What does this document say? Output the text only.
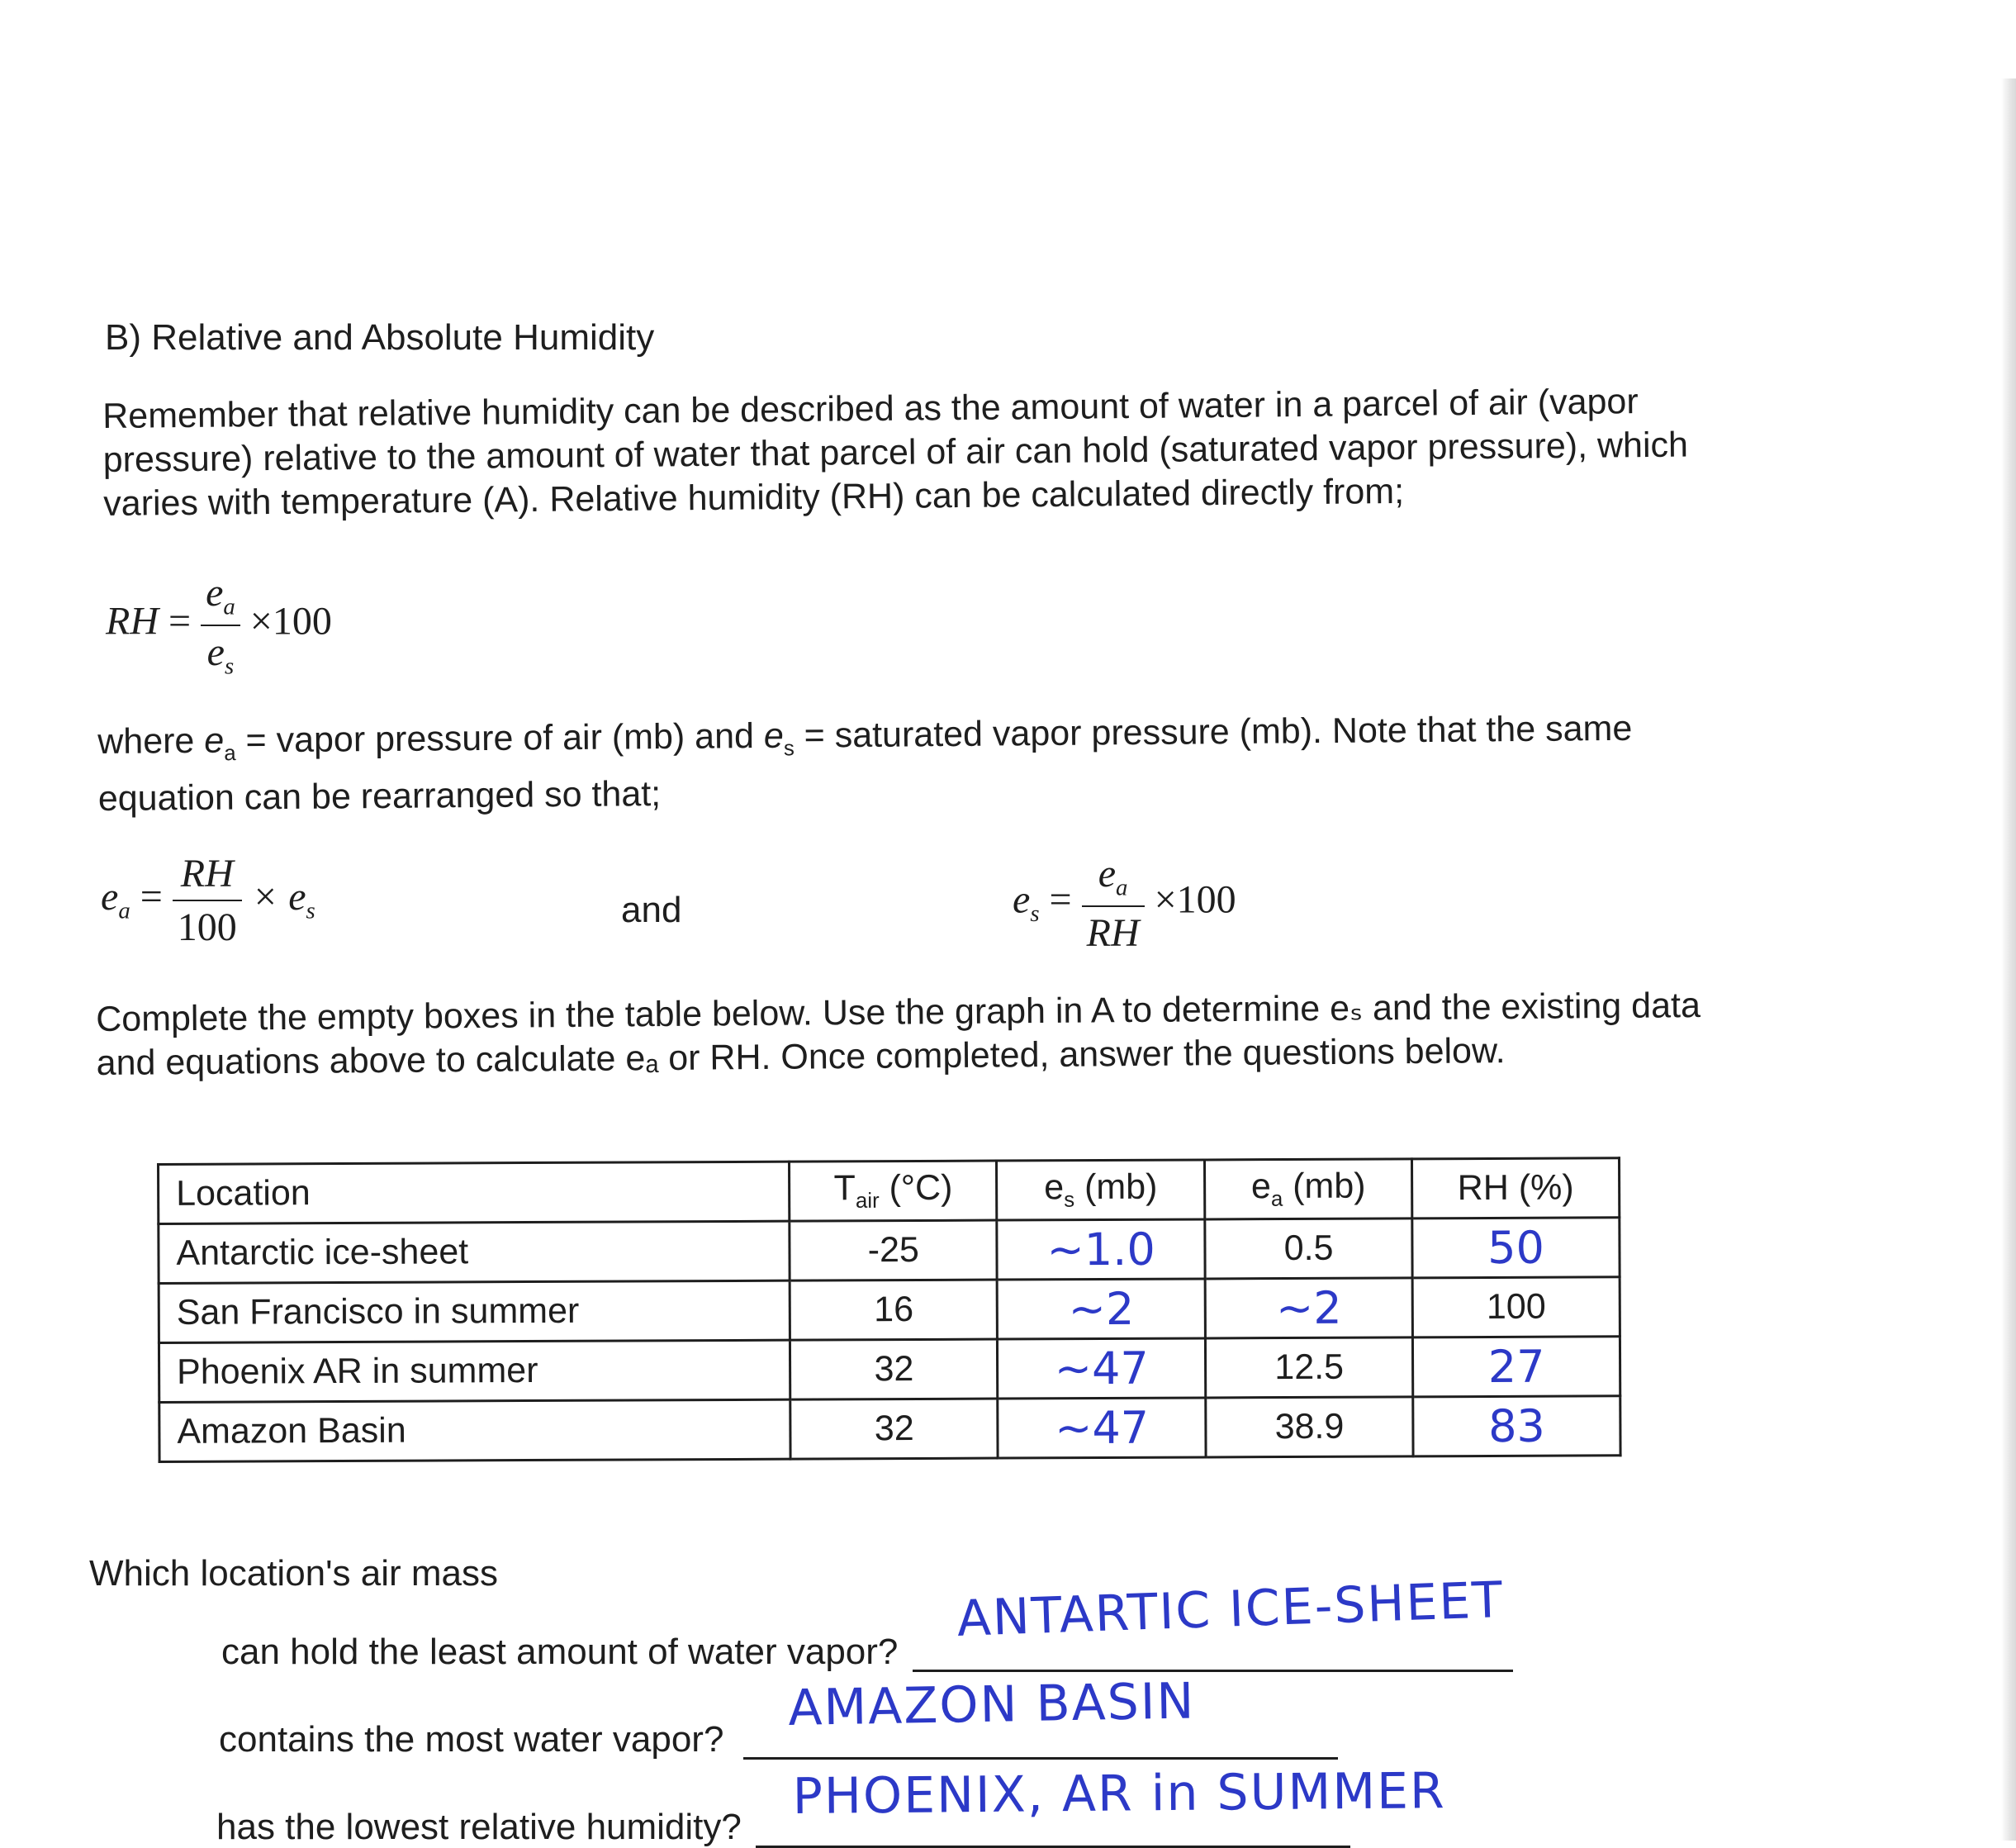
B) Relative and Absolute Humidity
Remember that relative humidity can be described as the amount of water in a parcel of air (vapor
pressure) relative to the amount of water that parcel of air can hold (saturated vapor pressure), which
varies with temperature (A). Relative humidity (RH) can be calculated directly from;
RH = $\frac{e_a}{e_s} \times 100$
where $e_a$ = vapor pressure of air (mb) and $e_s$ = saturated vapor pressure (mb). Note that the same
equation can be rearranged so that;
$e_a = \frac{RH}{100} \times e_s$	and	$e_s = \frac{e_a}{RH} \times 100$
Complete the empty boxes in the table below. Use the graph in A to determine eₛ and the existing data
and equations above to calculate eₐ or RH. Once completed, answer the questions below.
Location	$T_{air}$ (°C)	$e_s$ (mb)	$e_a$ (mb)	RH (%)
Antarctic ice-sheet	-25	~1.0	0.5	50
San Francisco in summer	16	~2	~2	100
Phoenix AR in summer	32	~47	12.5	27
Amazon Basin	32	~47	38.9	83
Which location's air mass
can hold the least amount of water vapor?
ANTARTIC ICE-SHEET
contains the most water vapor?
AMAZON BASIN
has the lowest relative humidity?
PHOENIX, AR in SUMMER
